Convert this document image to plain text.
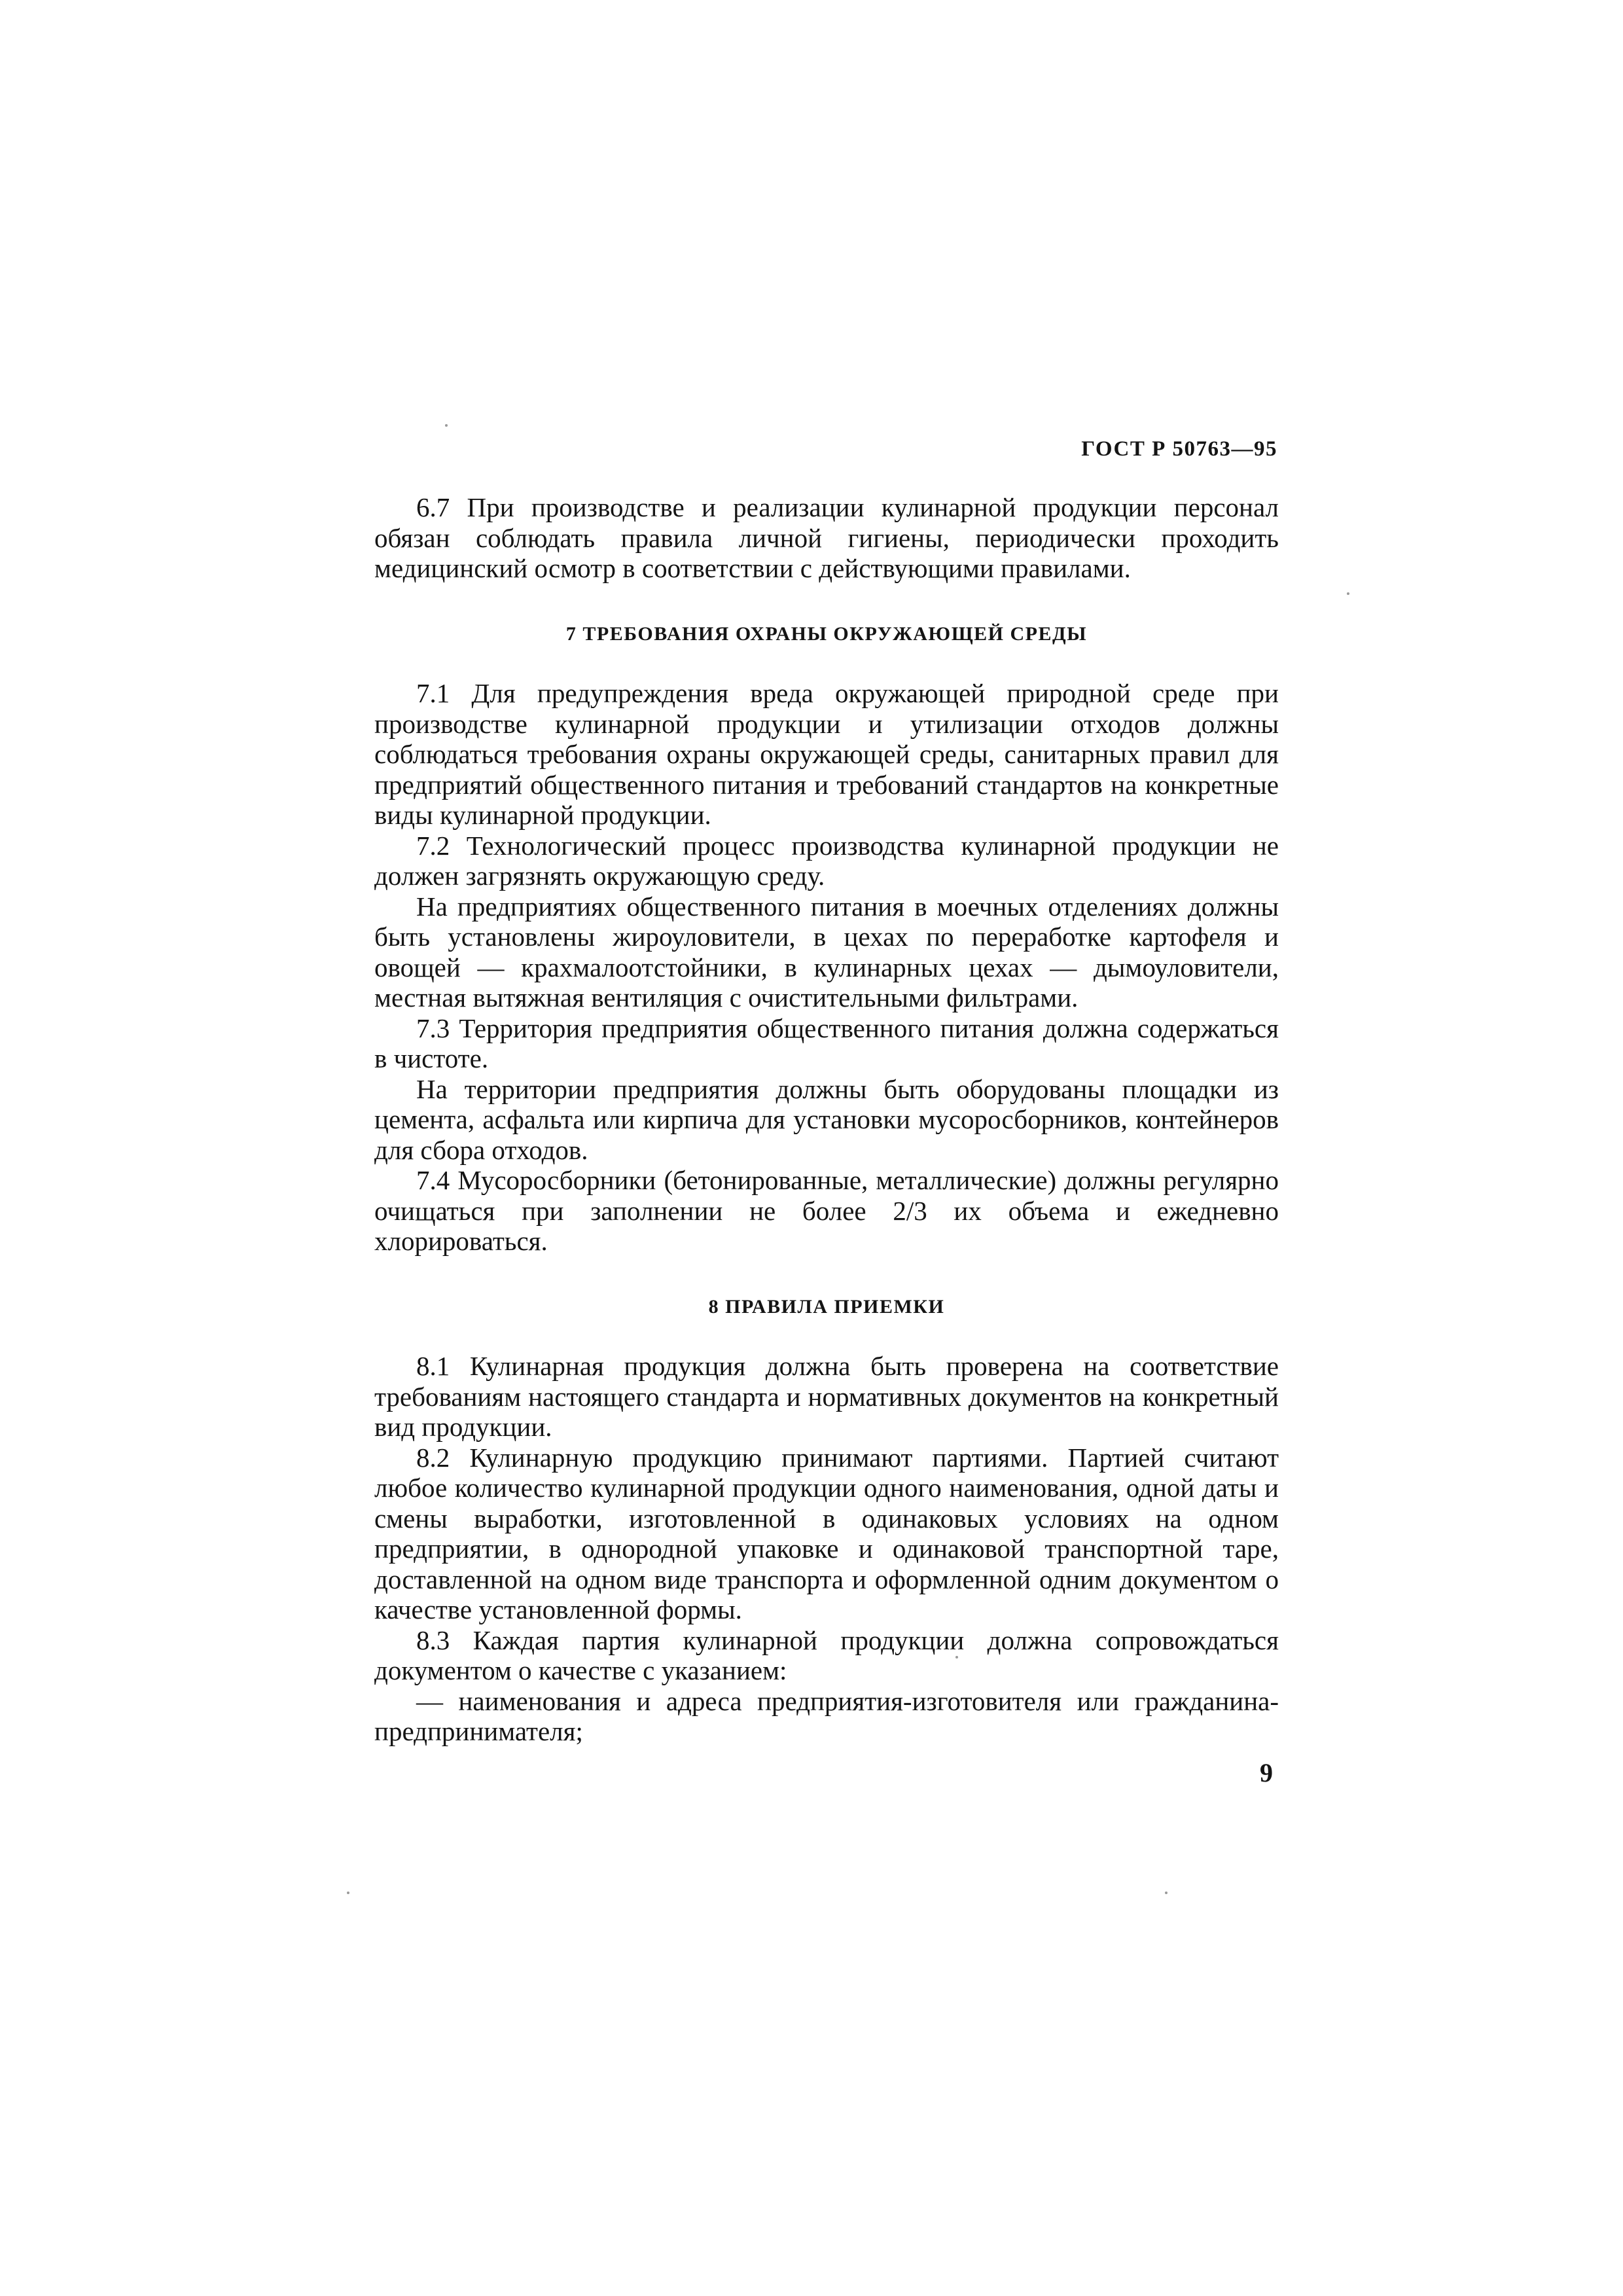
ГОСТ Р 50763—95

6.7 При производстве и реализации кулинарной продукции персонал обязан соблюдать правила личной гигиены, периодически проходить медицинский осмотр в соответствии с действующими правилами.

7 ТРЕБОВАНИЯ ОХРАНЫ ОКРУЖАЮЩЕЙ СРЕДЫ

7.1 Для предупреждения вреда окружающей природной среде при производстве кулинарной продукции и утилизации отходов должны соблюдаться требования охраны окружающей среды, санитарных правил для предприятий общественного питания и требований стандартов на конкретные виды кулинарной продукции.

7.2 Технологический процесс производства кулинарной продукции не должен загрязнять окружающую среду.

На предприятиях общественного питания в моечных отделениях должны быть установлены жироуловители, в цехах по переработке картофеля и овощей — крахмалоотстойники, в кулинарных цехах — дымоуловители, местная вытяжная вентиляция с очистительными фильтрами.

7.3 Территория предприятия общественного питания должна содержаться в чистоте.

На территории предприятия должны быть оборудованы площадки из цемента, асфальта или кирпича для установки мусоросборников, контейнеров для сбора отходов.

7.4 Мусоросборники (бетонированные, металлические) должны регулярно очищаться при заполнении не более 2/3 их объема и ежедневно хлорироваться.

8 ПРАВИЛА ПРИЕМКИ

8.1 Кулинарная продукция должна быть проверена на соответствие требованиям настоящего стандарта и нормативных документов на конкретный вид продукции.

8.2 Кулинарную продукцию принимают партиями. Партией считают любое количество кулинарной продукции одного наименования, одной даты и смены выработки, изготовленной в одинаковых условиях на одном предприятии, в однородной упаковке и одинаковой транспортной таре, доставленной на одном виде транспорта и оформленной одним документом о качестве установленной формы.

8.3 Каждая партия кулинарной продукции должна сопровождаться документом о качестве с указанием:

— наименования и адреса предприятия-изготовителя или гражданина-предпринимателя;

9
